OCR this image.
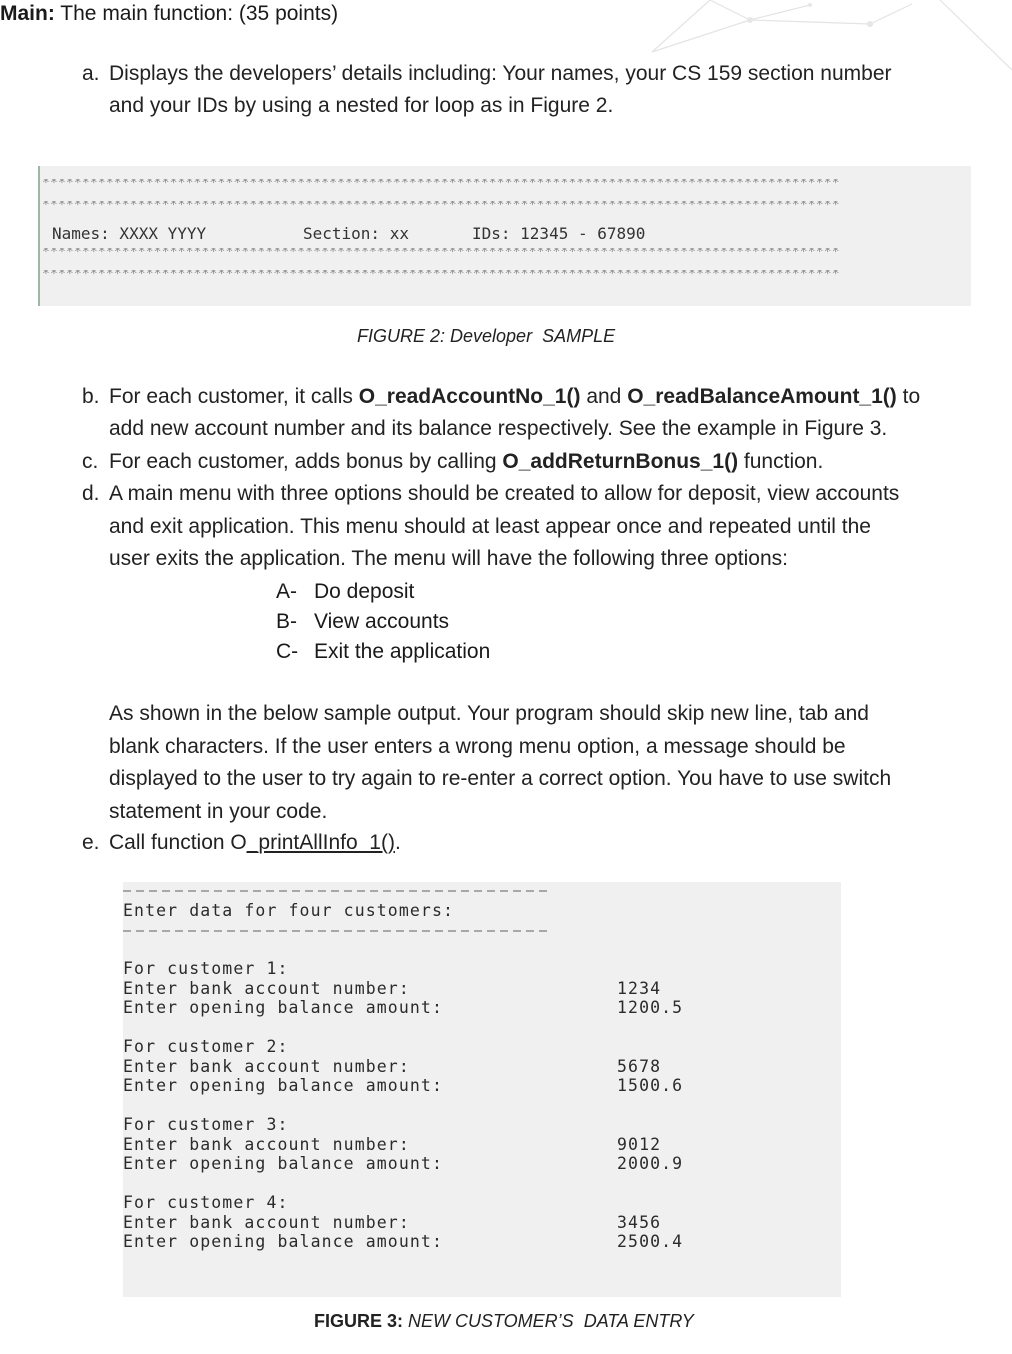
Main: The main function: (35 points)
a. Displays the developers’ details including: Your names, your CS 159 section number
and your IDs by using a nested for loop as in Figure 2.
****************************************************************************************************
****************************************************************************************************
Names: XXXX YYYY	Section: xx	IDs: 12345 - 67890
****************************************************************************************************
****************************************************************************************************
FIGURE 2: Developer  SAMPLE
b. For each customer, it calls O_readAccountNo_1() and O_readBalanceAmount_1() to
add new account number and its balance respectively. See the example in Figure 3.
c. For each customer, adds bonus by calling O_addReturnBonus_1() function.
d. A main menu with three options should be created to allow for deposit, view accounts
and exit application. This menu should at least appear once and repeated until the
user exits the application. The menu will have the following three options:
A- Do deposit
B- View accounts
C- Exit the application
As shown in the below sample output. Your program should skip new line, tab and
blank characters. If the user enters a wrong menu option, a message should be
displayed to the user to try again to re-enter a correct option. You have to use switch
statement in your code.
e. Call function O_printAllInfo_1().
Enter data for four customers:
For customer 1:
Enter bank account number:
Enter opening balance amount:
1234
1200.5
For customer 2:
Enter bank account number:
Enter opening balance amount:
5678
1500.6
For customer 3:
Enter bank account number:
Enter opening balance amount:
9012
2000.9
For customer 4:
Enter bank account number:
Enter opening balance amount:
3456
2500.4
FIGURE 3: NEW CUSTOMER’S  DATA ENTRY
